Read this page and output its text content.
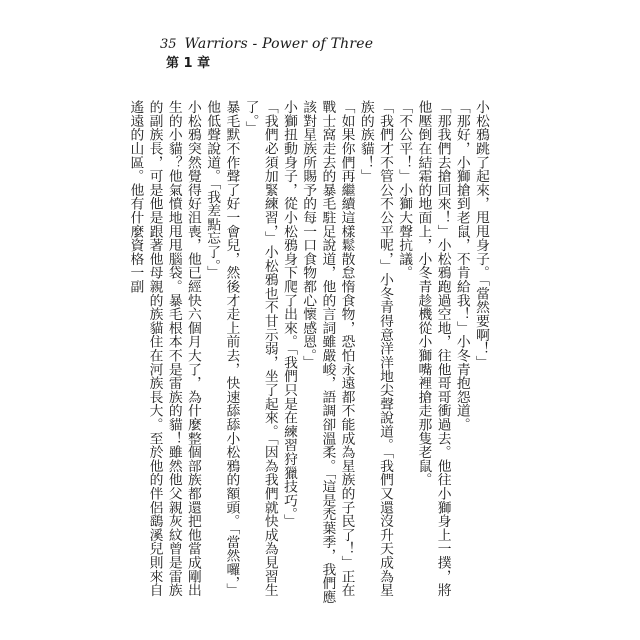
35 Warriors - Power of Three
第 1 章

小松鴉跳了起來，甩甩身子。「當然要啊！」

「那好，小獅搶到老鼠，不肯給我！」小冬青抱怨道。

「那我們去搶回來！」小松鴉跑過空地，往他哥哥衝過去。他往小獅身上一撲，將他壓倒在結霜的地面上，小冬青趁機從小獅嘴裡搶走那隻老鼠。

「不公平！」小獅大聲抗議。

「我們才不管公不公平呢，」小冬青得意洋洋地尖聲說道。「我們又還沒升天成為星族的族貓！」

「如果你們再繼續這樣鬆散怠惰食物，恐怕永遠都不能成為星族的子民了！」正在戰士窩走去的暴毛駐足說道，他的言詞雖嚴峻，語調卻溫柔。「這是禿葉季，我們應該對星族所賜予的每一口食物都心懷感恩。」

小獅扭動身子，從小松鴉身下爬了出來。「我們只是在練習狩獵技巧。」

「我們必須加緊練習，」小松鴉也不甘示弱，坐了起來。「因為我們就快成為見習生了。」

暴毛默不作聲了好一會兒，然後才走上前去，快速舔舔小松鴉的額頭。「當然囉，」他低聲說道。「我差點忘了。」

小松鴉突然覺得好沮喪，他已經快六個月大了，為什麼整個部族都還把他當成剛出生的小貓？他氣憤地甩甩腦袋。暴毛根本不是雷族的貓！雖然他父親灰紋曾是雷族的副族長，可是他是跟著他母親的族貓住在河族長大。至於他的伴侶鷂溪兒則來自遙遠的山區。他有什麼資格一副
